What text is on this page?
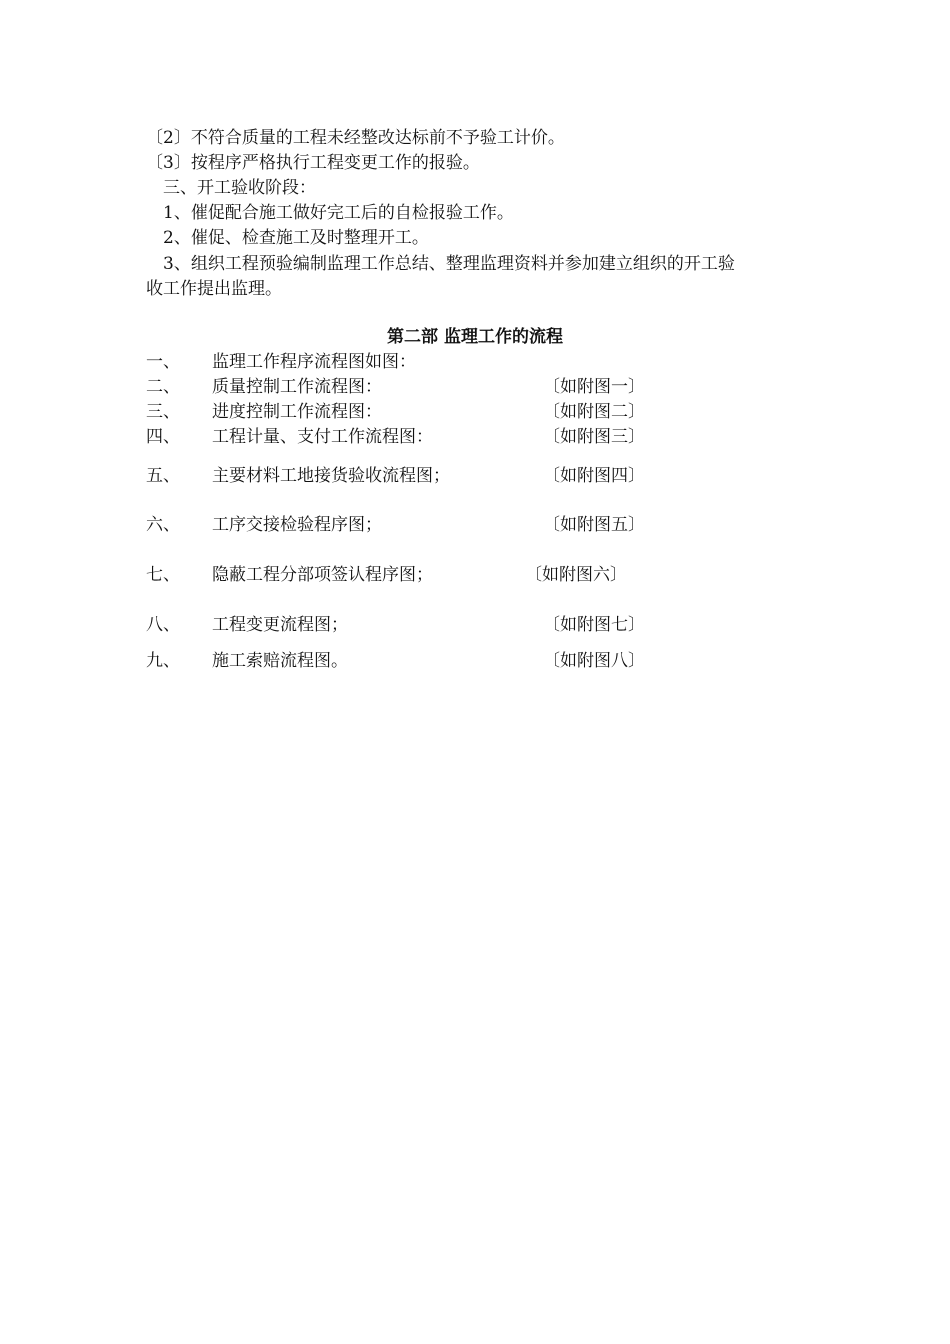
〔2〕不符合质量的工程未经整改达标前不予验工计价。
〔3〕按程序严格执行工程变更工作的报验。
三、开工验收阶段：
1、催促配合施工做好完工后的自检报验工作。
2、催促、检查施工及时整理开工。
3、组织工程预验编制监理工作总结、整理监理资料并参加建立组织的开工验
收工作提出监理。
第二部 监理工作的流程
一、 监理工作程序流程图如图：
二、 质量控制工作流程图：	〔如附图一〕
三、 进度控制工作流程图：	〔如附图二〕
四、 工程计量、支付工作流程图：	〔如附图三〕
五、 主要材料工地接货验收流程图；	〔如附图四〕
六、 工序交接检验程序图；	〔如附图五〕
七、 隐蔽工程分部项签认程序图；	〔如附图六〕
八、 工程变更流程图；	〔如附图七〕
九、 施工索赔流程图。	〔如附图八〕
